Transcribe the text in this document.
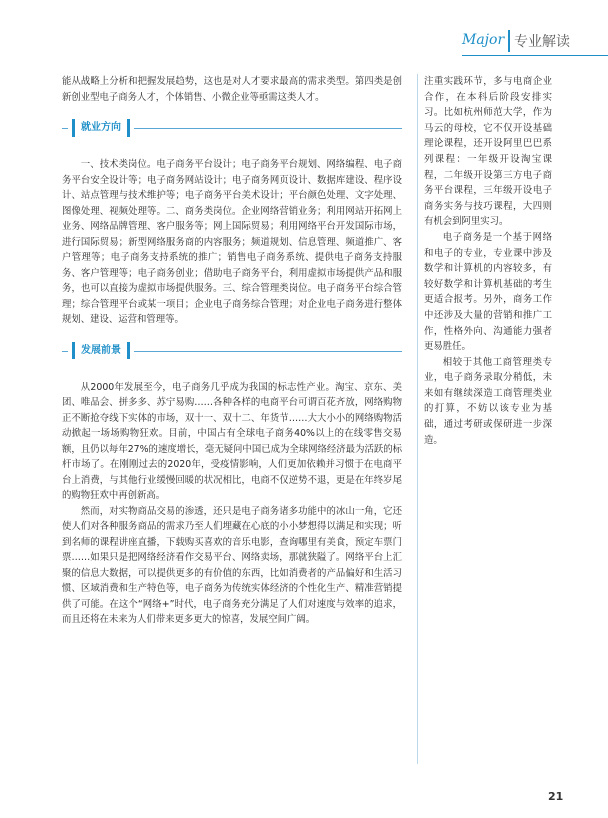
Major 专业解读

能从战略上分析和把握发展趋势，这也是对人才要求最高的需求类型。第四类是创新创业型电子商务人才，个体销售、小微企业等亟需这类人才。

就业方向

一、技术类岗位。电子商务平台设计；电子商务平台规划、网络编程、电子商务平台安全设计等；电子商务网站设计；电子商务网页设计、数据库建设、程序设计、站点管理与技术维护等；电子商务平台美术设计；平台颜色处理、文字处理、图像处理、视频处理等。二、商务类岗位。企业网络营销业务；利用网站开拓网上业务、网络品牌管理、客户服务等；网上国际贸易；利用网络平台开发国际市场，进行国际贸易；新型网络服务商的内容服务；频道规划、信息管理、频道推广、客户管理等；电子商务支持系统的推广；销售电子商务系统、提供电子商务支持服务、客户管理等；电子商务创业；借助电子商务平台，利用虚拟市场提供产品和服务，也可以直接为虚拟市场提供服务。三、综合管理类岗位。电子商务平台综合管理；综合管理平台或某一项目；企业电子商务综合管理；对企业电子商务进行整体规划、建设、运营和管理等。

发展前景

从2000年发展至今，电子商务几乎成为我国的标志性产业。淘宝、京东、美团、唯品会、拼多多、苏宁易购……各种各样的电商平台可谓百花齐放，网络购物正不断抢夺线下实体的市场，双十一、双十二、年货节……大大小小的网络购物活动掀起一场场购物狂欢。目前，中国占有全球电子商务40%以上的在线零售交易额，且仍以每年27%的速度增长，毫无疑问中国已成为全球网络经济最为活跃的标杆市场了。在刚刚过去的2020年，受疫情影响，人们更加依赖并习惯于在电商平台上消费，与其他行业缓慢回暖的状况相比，电商不仅逆势不退，更是在年终岁尾的购物狂欢中再创新高。

然而，对实物商品交易的渗透，还只是电子商务诸多功能中的冰山一角，它还使人们对各种服务商品的需求乃至人们埋藏在心底的小小梦想得以满足和实现；听到名师的课程讲座直播，下载购买喜欢的音乐电影，查询哪里有美食，预定车票门票……如果只是把网络经济看作交易平台、网络卖场，那就狭隘了。网络平台上汇聚的信息大数据，可以提供更多的有价值的东西，比如消费者的产品偏好和生活习惯、区域消费和生产特色等，电子商务为传统实体经济的个性化生产、精准营销提供了可能。在这个“网络+”时代，电子商务充分满足了人们对速度与效率的追求，而且还将在未来为人们带来更多更大的惊喜，发展空间广阔。

注重实践环节，多与电商企业合作，在本科后阶段安排实习。比如杭州师范大学，作为马云的母校，它不仅开设基础理论课程，还开设阿里巴巴系列课程：一年级开设淘宝课程，二年级开设第三方电子商务平台课程，三年级开设电子商务实务与技巧课程，大四则有机会到阿里实习。

电子商务是一个基于网络和电子的专业，专业课中涉及数学和计算机的内容较多，有较好数学和计算机基础的考生更适合报考。另外，商务工作中还涉及大量的营销和推广工作，性格外向、沟通能力强者更易胜任。

相较于其他工商管理类专业，电子商务录取分稍低，未来如有继续深造工商管理类业的打算，不妨以该专业为基础，通过考研或保研进一步深造。

21
